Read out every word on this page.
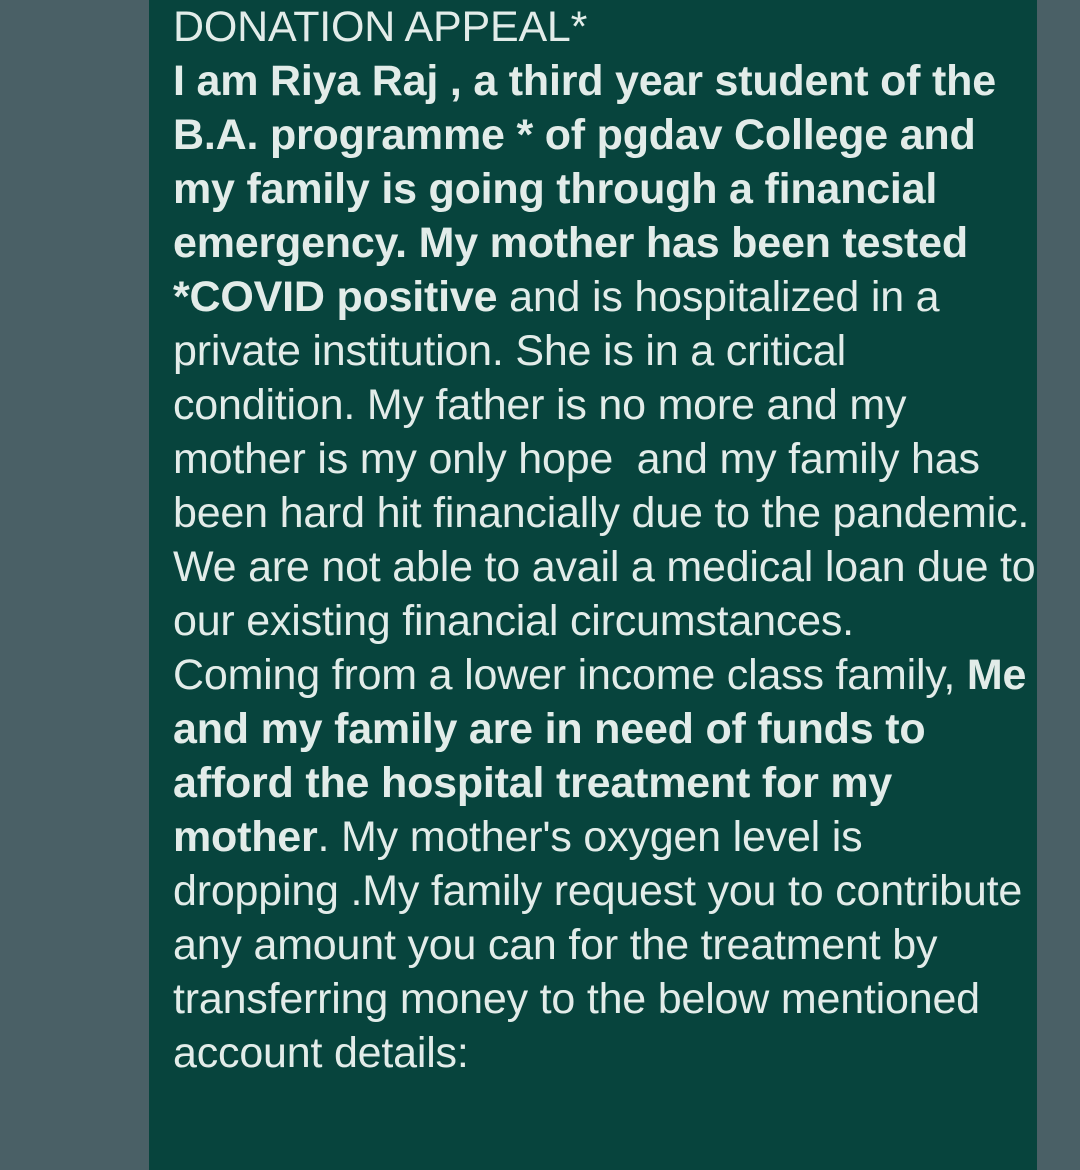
DONATION APPEAL*
I am Riya Raj , a third year student of the B.A. programme * of pgdav College and my family is going through a financial emergency. My mother has been tested *COVID positive and is hospitalized in a private institution. She is in a critical condition. My father is no more and my mother is my only hope  and my family has been hard hit financially due to the pandemic. We are not able to avail a medical loan due to our existing financial circumstances.
Coming from a lower income class family, Me and my family are in need of funds to afford the hospital treatment for my mother. My mother's oxygen level is dropping .My family request you to contribute any amount you can for the treatment by transferring money to the below mentioned account details:
